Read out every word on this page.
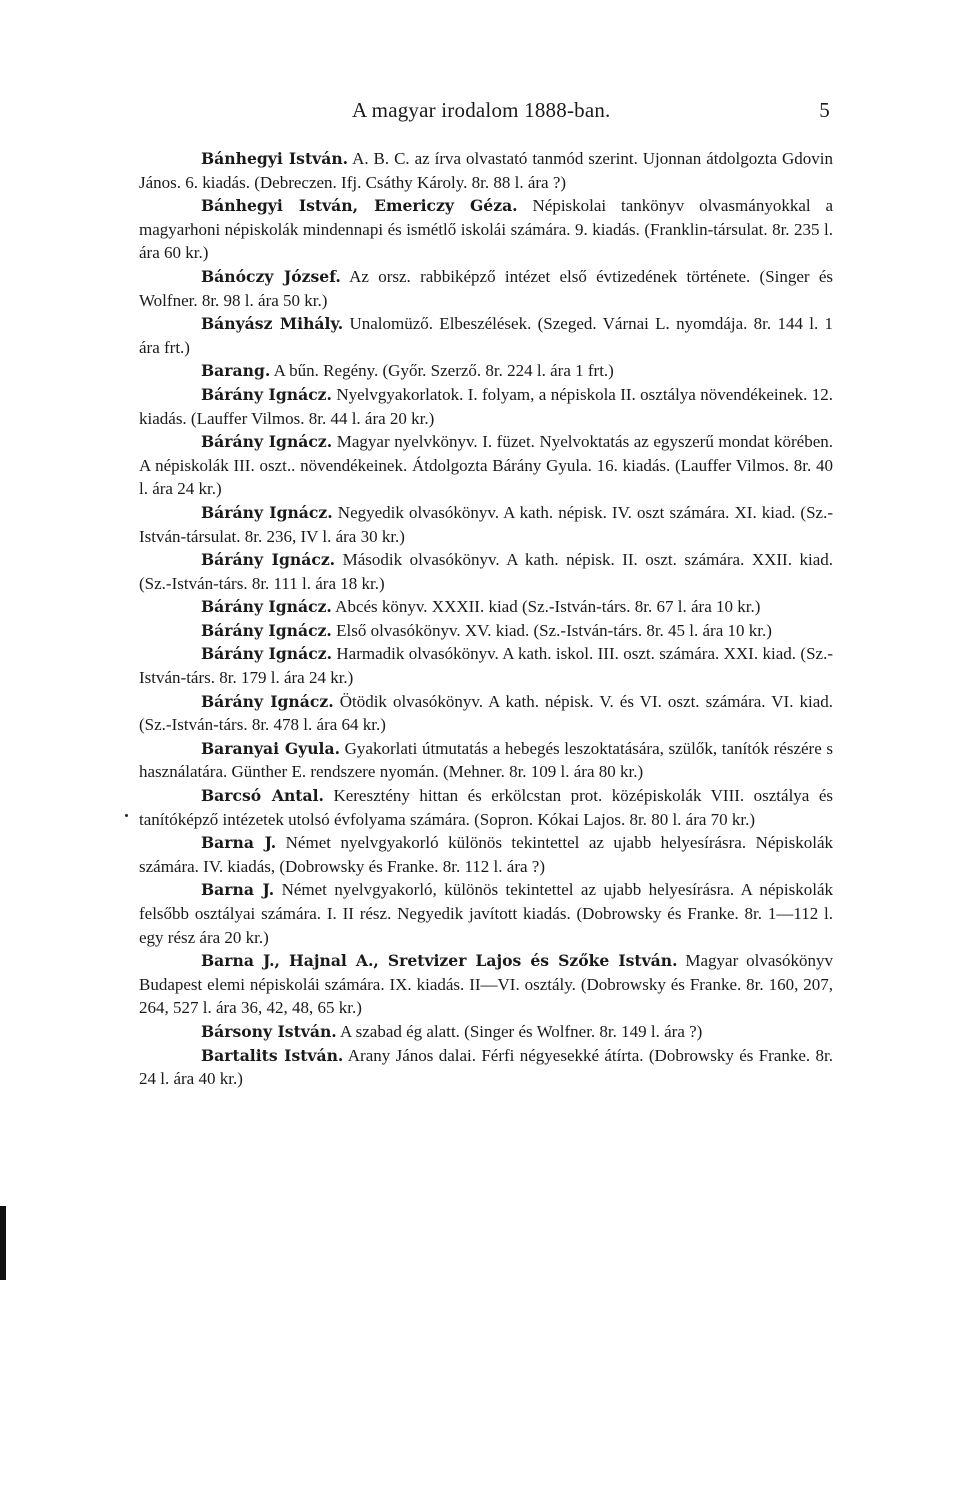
A magyar irodalom 1888-ban.	5

Bánhegyi István. A. B. C. az írva olvastató tanmód szerint. Ujonnan átdolgozta Gdovin János. 6. kiadás. (Debreczen. Ifj. Csáthy Károly. 8r. 88 l. ára ?)

Bánhegyi István, Emericzy Géza. Népiskolai tankönyv olvasmányokkal a magyarhoni népiskolák mindennapi és ismétlő iskolái számára. 9. kiadás. (Franklin-társulat. 8r. 235 l. ára 60 kr.)

Bánóczy József. Az orsz. rabbiképző intézet első évtizedének története. (Singer és Wolfner. 8r. 98 l. ára 50 kr.)

Bányász Mihály. Unalomüző. Elbeszélések. (Szeged. Várnai L. nyomdája. 8r. 144 l. 1 ára frt.)

Barang. A bűn. Regény. (Győr. Szerző. 8r. 224 l. ára 1 frt.)

Bárány Ignácz. Nyelvgyakorlatok. I. folyam, a népiskola II. osztálya növendékeinek. 12. kiadás. (Lauffer Vilmos. 8r. 44 l. ára 20 kr.)

Bárány Ignácz. Magyar nyelvkönyv. I. füzet. Nyelvoktatás az egyszerű mondat körében. A népiskolák III. oszt.. növendékeinek. Átdolgozta Bárány Gyula. 16. kiadás. (Lauffer Vilmos. 8r. 40 l. ára 24 kr.)

Bárány Ignácz. Negyedik olvasókönyv. A kath. népisk. IV. oszt számára. XI. kiad. (Sz.-István-társulat. 8r. 236, IV l. ára 30 kr.)

Bárány Ignácz. Második olvasókönyv. A kath. népisk. II. oszt. számára. XXII. kiad. (Sz.-István-társ. 8r. 111 l. ára 18 kr.)

Bárány Ignácz. Abcés könyv. XXXII. kiad (Sz.-István-társ. 8r. 67 l. ára 10 kr.)

Bárány Ignácz. Első olvasókönyv. XV. kiad. (Sz.-István-társ. 8r. 45 l. ára 10 kr.)

Bárány Ignácz. Harmadik olvasókönyv. A kath. iskol. III. oszt. számára. XXI. kiad. (Sz.-István-társ. 8r. 179 l. ára 24 kr.)

Bárány Ignácz. Ötödik olvasókönyv. A kath. népisk. V. és VI. oszt. számára. VI. kiad. (Sz.-István-társ. 8r. 478 l. ára 64 kr.)

Baranyai Gyula. Gyakorlati útmutatás a hebegés leszoktatására, szülők, tanítók részére s használatára. Günther E. rendszere nyomán. (Mehner. 8r. 109 l. ára 80 kr.)

Barcsó Antal. Keresztény hittan és erkölcstan prot. középiskolák VIII. osztálya és tanítóképző intézetek utolsó évfolyama számára. (Sopron. Kókai Lajos. 8r. 80 l. ára 70 kr.)

Barna J. Német nyelvgyakorló különös tekintettel az ujabb helyesírásra. Népiskolák számára. IV. kiadás, (Dobrowsky és Franke. 8r. 112 l. ára ?)

Barna J. Német nyelvgyakorló, különös tekintettel az ujabb helyesírásra. A népiskolák felsőbb osztályai számára. I. II rész. Negyedik javított kiadás. (Dobrowsky és Franke. 8r. 1—112 l. egy rész ára 20 kr.)

Barna J., Hajnal A., Sretvizer Lajos és Szőke István. Magyar olvasókönyv Budapest elemi népiskolái számára. IX. kiadás. II—VI. osztály. (Dobrowsky és Franke. 8r. 160, 207, 264, 527 l. ára 36, 42, 48, 65 kr.)

Bársony István. A szabad ég alatt. (Singer és Wolfner. 8r. 149 l. ára ?)

Bartalits István. Arany János dalai. Férfi négyesekké átírta. (Dobrowsky és Franke. 8r. 24 l. ára 40 kr.)
